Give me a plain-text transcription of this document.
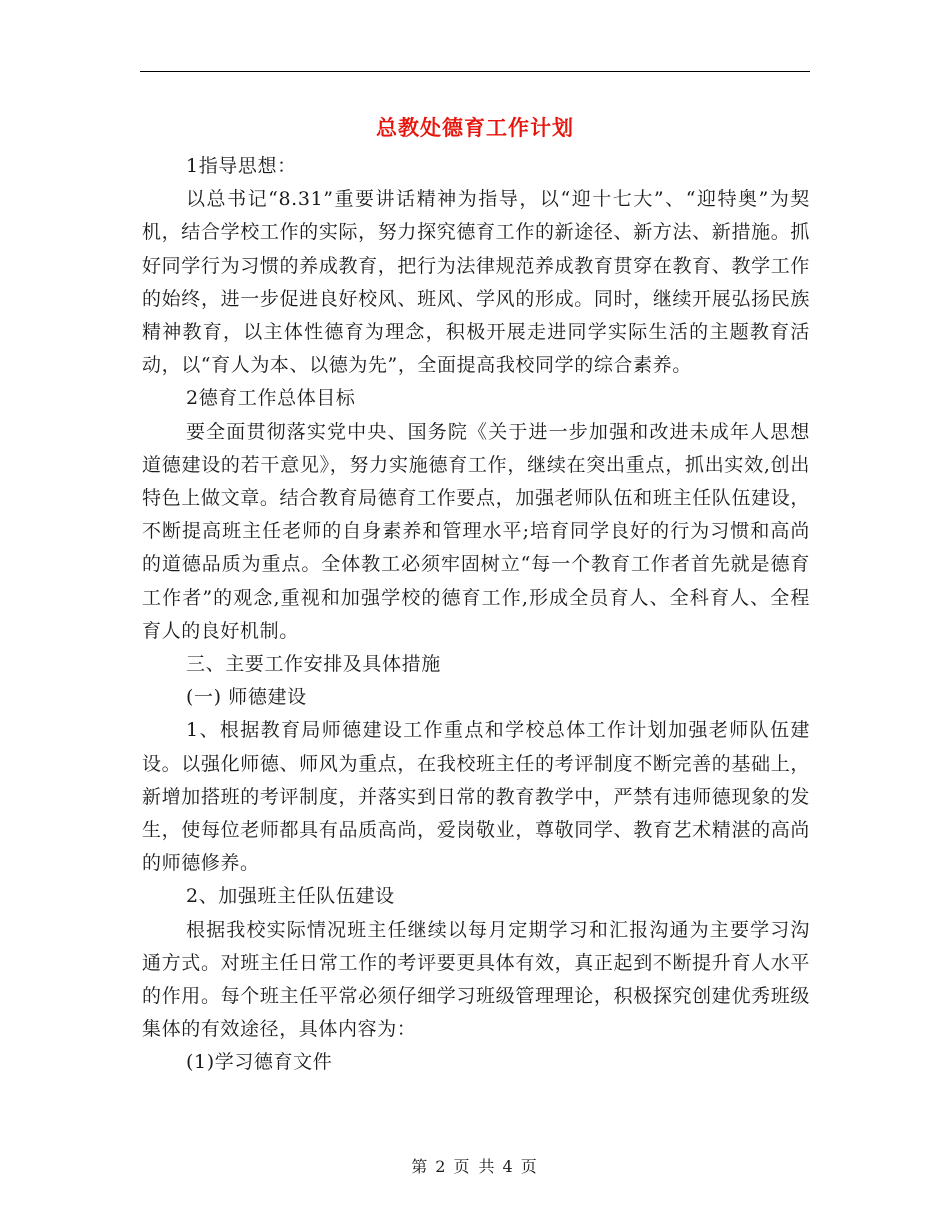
总教处德育工作计划

1指导思想：

以总书记“8.31”重要讲话精神为指导，以“迎十七大”、“迎特奥”为契机，结合学校工作的实际，努力探究德育工作的新途径、新方法、新措施。抓好同学行为习惯的养成教育，把行为法律规范养成教育贯穿在教育、教学工作的始终，进一步促进良好校风、班风、学风的形成。同时，继续开展弘扬民族精神教育，以主体性德育为理念，积极开展走进同学实际生活的主题教育活动，以“育人为本、以德为先”，全面提高我校同学的综合素养。

2德育工作总体目标

要全面贯彻落实党中央、国务院《关于进一步加强和改进未成年人思想道德建设的若干意见》，努力实施德育工作，继续在突出重点，抓出实效,创出特色上做文章。结合教育局德育工作要点，加强老师队伍和班主任队伍建设，不断提高班主任老师的自身素养和管理水平;培育同学良好的行为习惯和高尚的道德品质为重点。全体教工必须牢固树立“每一个教育工作者首先就是德育工作者”的观念,重视和加强学校的德育工作,形成全员育人、全科育人、全程育人的良好机制。

三、主要工作安排及具体措施

(一) 师德建设

1、根据教育局师德建设工作重点和学校总体工作计划加强老师队伍建设。以强化师德、师风为重点，在我校班主任的考评制度不断完善的基础上，新增加搭班的考评制度，并落实到日常的教育教学中，严禁有违师德现象的发生，使每位老师都具有品质高尚，爱岗敬业，尊敬同学、教育艺术精湛的高尚的师德修养。

2、加强班主任队伍建设

根据我校实际情况班主任继续以每月定期学习和汇报沟通为主要学习沟通方式。对班主任日常工作的考评要更具体有效，真正起到不断提升育人水平的作用。每个班主任平常必须仔细学习班级管理理论，积极探究创建优秀班级集体的有效途径，具体内容为：

(1)学习德育文件

第 2 页 共 4 页
